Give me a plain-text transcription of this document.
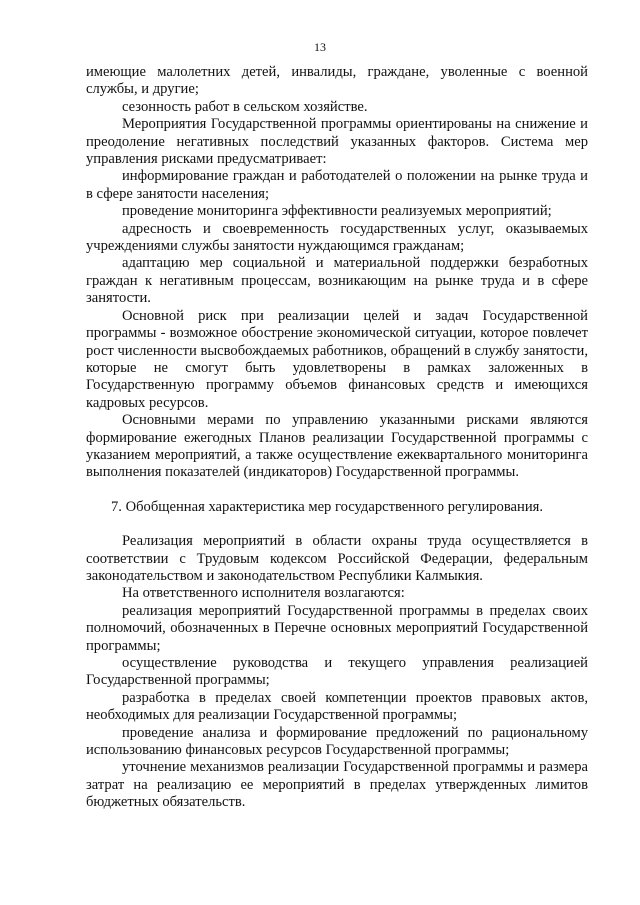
13

имеющие малолетних детей, инвалиды, граждане, уволенные с военной службы, и другие;

сезонность работ в сельском хозяйстве.

Мероприятия Государственной программы ориентированы на снижение и преодоление негативных последствий указанных факторов. Система мер управления рисками предусматривает:

информирование граждан и работодателей о положении на рынке труда и в сфере занятости населения;

проведение мониторинга эффективности реализуемых мероприятий;

адресность и своевременность государственных услуг, оказываемых учреждениями службы занятости нуждающимся гражданам;

адаптацию мер социальной и материальной поддержки безработных граждан к негативным процессам, возникающим на рынке труда и в сфере занятости.

Основной риск при реализации целей и задач Государственной программы - возможное обострение экономической ситуации, которое повлечет рост численности высвобождаемых работников, обращений в службу занятости, которые не смогут быть удовлетворены в рамках заложенных в Государственную программу объемов финансовых средств и имеющихся кадровых ресурсов.

Основными мерами по управлению указанными рисками являются формирование ежегодных Планов реализации Государственной программы с указанием мероприятий, а также осуществление ежеквартального мониторинга выполнения показателей (индикаторов) Государственной программы.

7. Обобщенная характеристика мер государственного регулирования.

Реализация мероприятий в области охраны труда осуществляется в соответствии с Трудовым кодексом Российской Федерации, федеральным законодательством и законодательством Республики Калмыкия.

На ответственного исполнителя возлагаются:

реализация мероприятий Государственной программы в пределах своих полномочий, обозначенных в Перечне основных мероприятий Государственной программы;

осуществление руководства и текущего управления реализацией Государственной программы;

разработка в пределах своей компетенции проектов правовых актов, необходимых для реализации Государственной программы;

проведение анализа и формирование предложений по рациональному использованию финансовых ресурсов Государственной программы;

уточнение механизмов реализации Государственной программы и размера затрат на реализацию ее мероприятий в пределах утвержденных лимитов бюджетных обязательств.
